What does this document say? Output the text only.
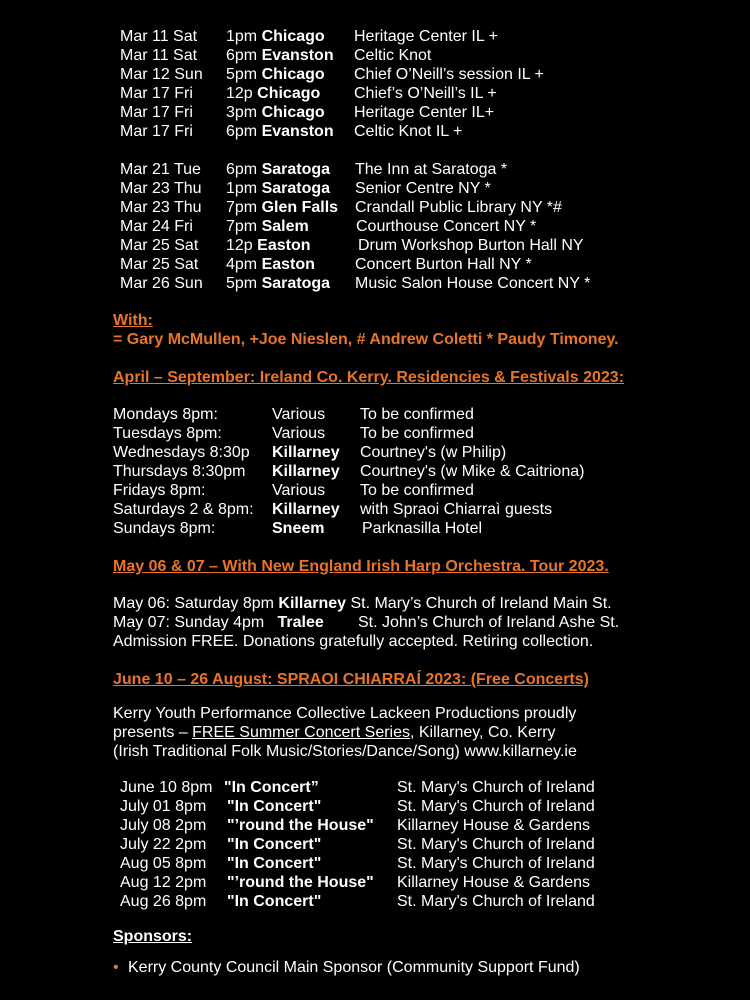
Mar 11 Sat 1pm Chicago Heritage Center IL +
Mar 11 Sat 6pm Evanston Celtic Knot
Mar 12 Sun 5pm Chicago Chief O’Neill’s session IL +
Mar 17 Fri 12p Chicago Chief’s O’Neill’s IL +
Mar 17 Fri 3pm Chicago Heritage Center IL+
Mar 17 Fri 6pm Evanston Celtic Knot IL +
Mar 21 Tue 6pm Saratoga The Inn at Saratoga *
Mar 23 Thu 1pm Saratoga Senior Centre NY *
Mar 23 Thu 7pm Glen Falls Crandall Public Library NY *#
Mar 24 Fri 7pm Salem	Courthouse Concert NY *
Mar 25 Sat 12p Easton	Drum Workshop Burton Hall NY
Mar 25 Sat 4pm Easton	Concert Burton Hall NY *
Mar 26 Sun 5pm Saratoga Music Salon House Concert NY *
With:
= Gary McMullen, +Joe Nieslen, # Andrew Coletti * Paudy Timoney.
April – September: Ireland Co. Kerry. Residencies & Festivals 2023:
Mondays 8pm:	Various To be confirmed
Tuesdays 8pm:	Various To be confirmed
Wednesdays 8:30p Killarney Courtney's (w Philip)
Thursdays 8:30pm Killarney Courtney's (w Mike & Caitriona)
Fridays 8pm:	Various To be confirmed
Saturdays 2 & 8pm: Killarney with Spraoi Chiarraì guests
Sundays 8pm:	Sneem Parknasilla Hotel
May 06 & 07 – With New England Irish Harp Orchestra. Tour 2023.
May 06: Saturday 8pm Killarney St. Mary’s Church of Ireland Main St.
May 07: Sunday 4pm   Tralee St. John’s Church of Ireland Ashe St.
Admission FREE. Donations gratefully accepted. Retiring collection.
June 10 – 26 August: SPRAOI CHIARRAÍ 2023: (Free Concerts)
Kerry Youth Performance Collective Lackeen Productions proudly
presents – FREE Summer Concert Series, Killarney, Co. Kerry
(Irish Traditional Folk Music/Stories/Dance/Song) www.killarney.ie
June 10 8pm "In Concert”	St. Mary's Church of Ireland
July 01 8pm "In Concert"	St. Mary's Church of Ireland
July 08 2pm "’round the House" Killarney House & Gardens
July 22 2pm "In Concert"	St. Mary's Church of Ireland
Aug 05 8pm "In Concert"	St. Mary's Church of Ireland
Aug 12 2pm "’round the House" Killarney House & Gardens
Aug 26 8pm "In Concert"	St. Mary's Church of Ireland
Sponsors:
• Kerry County Council Main Sponsor (Community Support Fund)
